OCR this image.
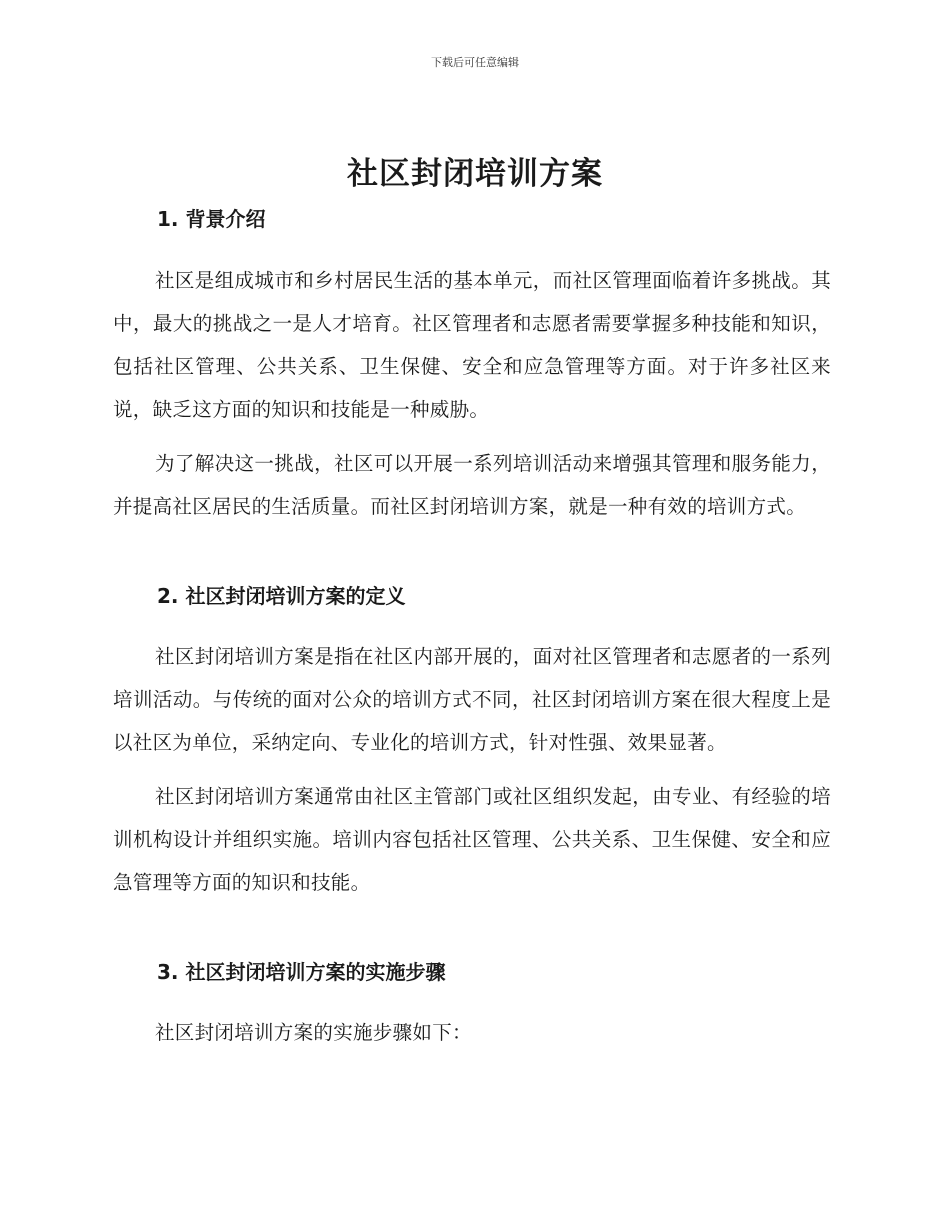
下载后可任意编辑
社区封闭培训方案
1. 背景介绍

社区是组成城市和乡村居民生活的基本单元，而社区管理面临着许多挑战。其中，最大的挑战之一是人才培育。社区管理者和志愿者需要掌握多种技能和知识，包括社区管理、公共关系、卫生保健、安全和应急管理等方面。对于许多社区来说，缺乏这方面的知识和技能是一种威胁。

为了解决这一挑战，社区可以开展一系列培训活动来增强其管理和服务能力，并提高社区居民的生活质量。而社区封闭培训方案，就是一种有效的培训方式。

2. 社区封闭培训方案的定义

社区封闭培训方案是指在社区内部开展的，面对社区管理者和志愿者的一系列培训活动。与传统的面对公众的培训方式不同，社区封闭培训方案在很大程度上是以社区为单位，采纳定向、专业化的培训方式，针对性强、效果显著。

社区封闭培训方案通常由社区主管部门或社区组织发起，由专业、有经验的培训机构设计并组织实施。培训内容包括社区管理、公共关系、卫生保健、安全和应急管理等方面的知识和技能。

3. 社区封闭培训方案的实施步骤

社区封闭培训方案的实施步骤如下：
